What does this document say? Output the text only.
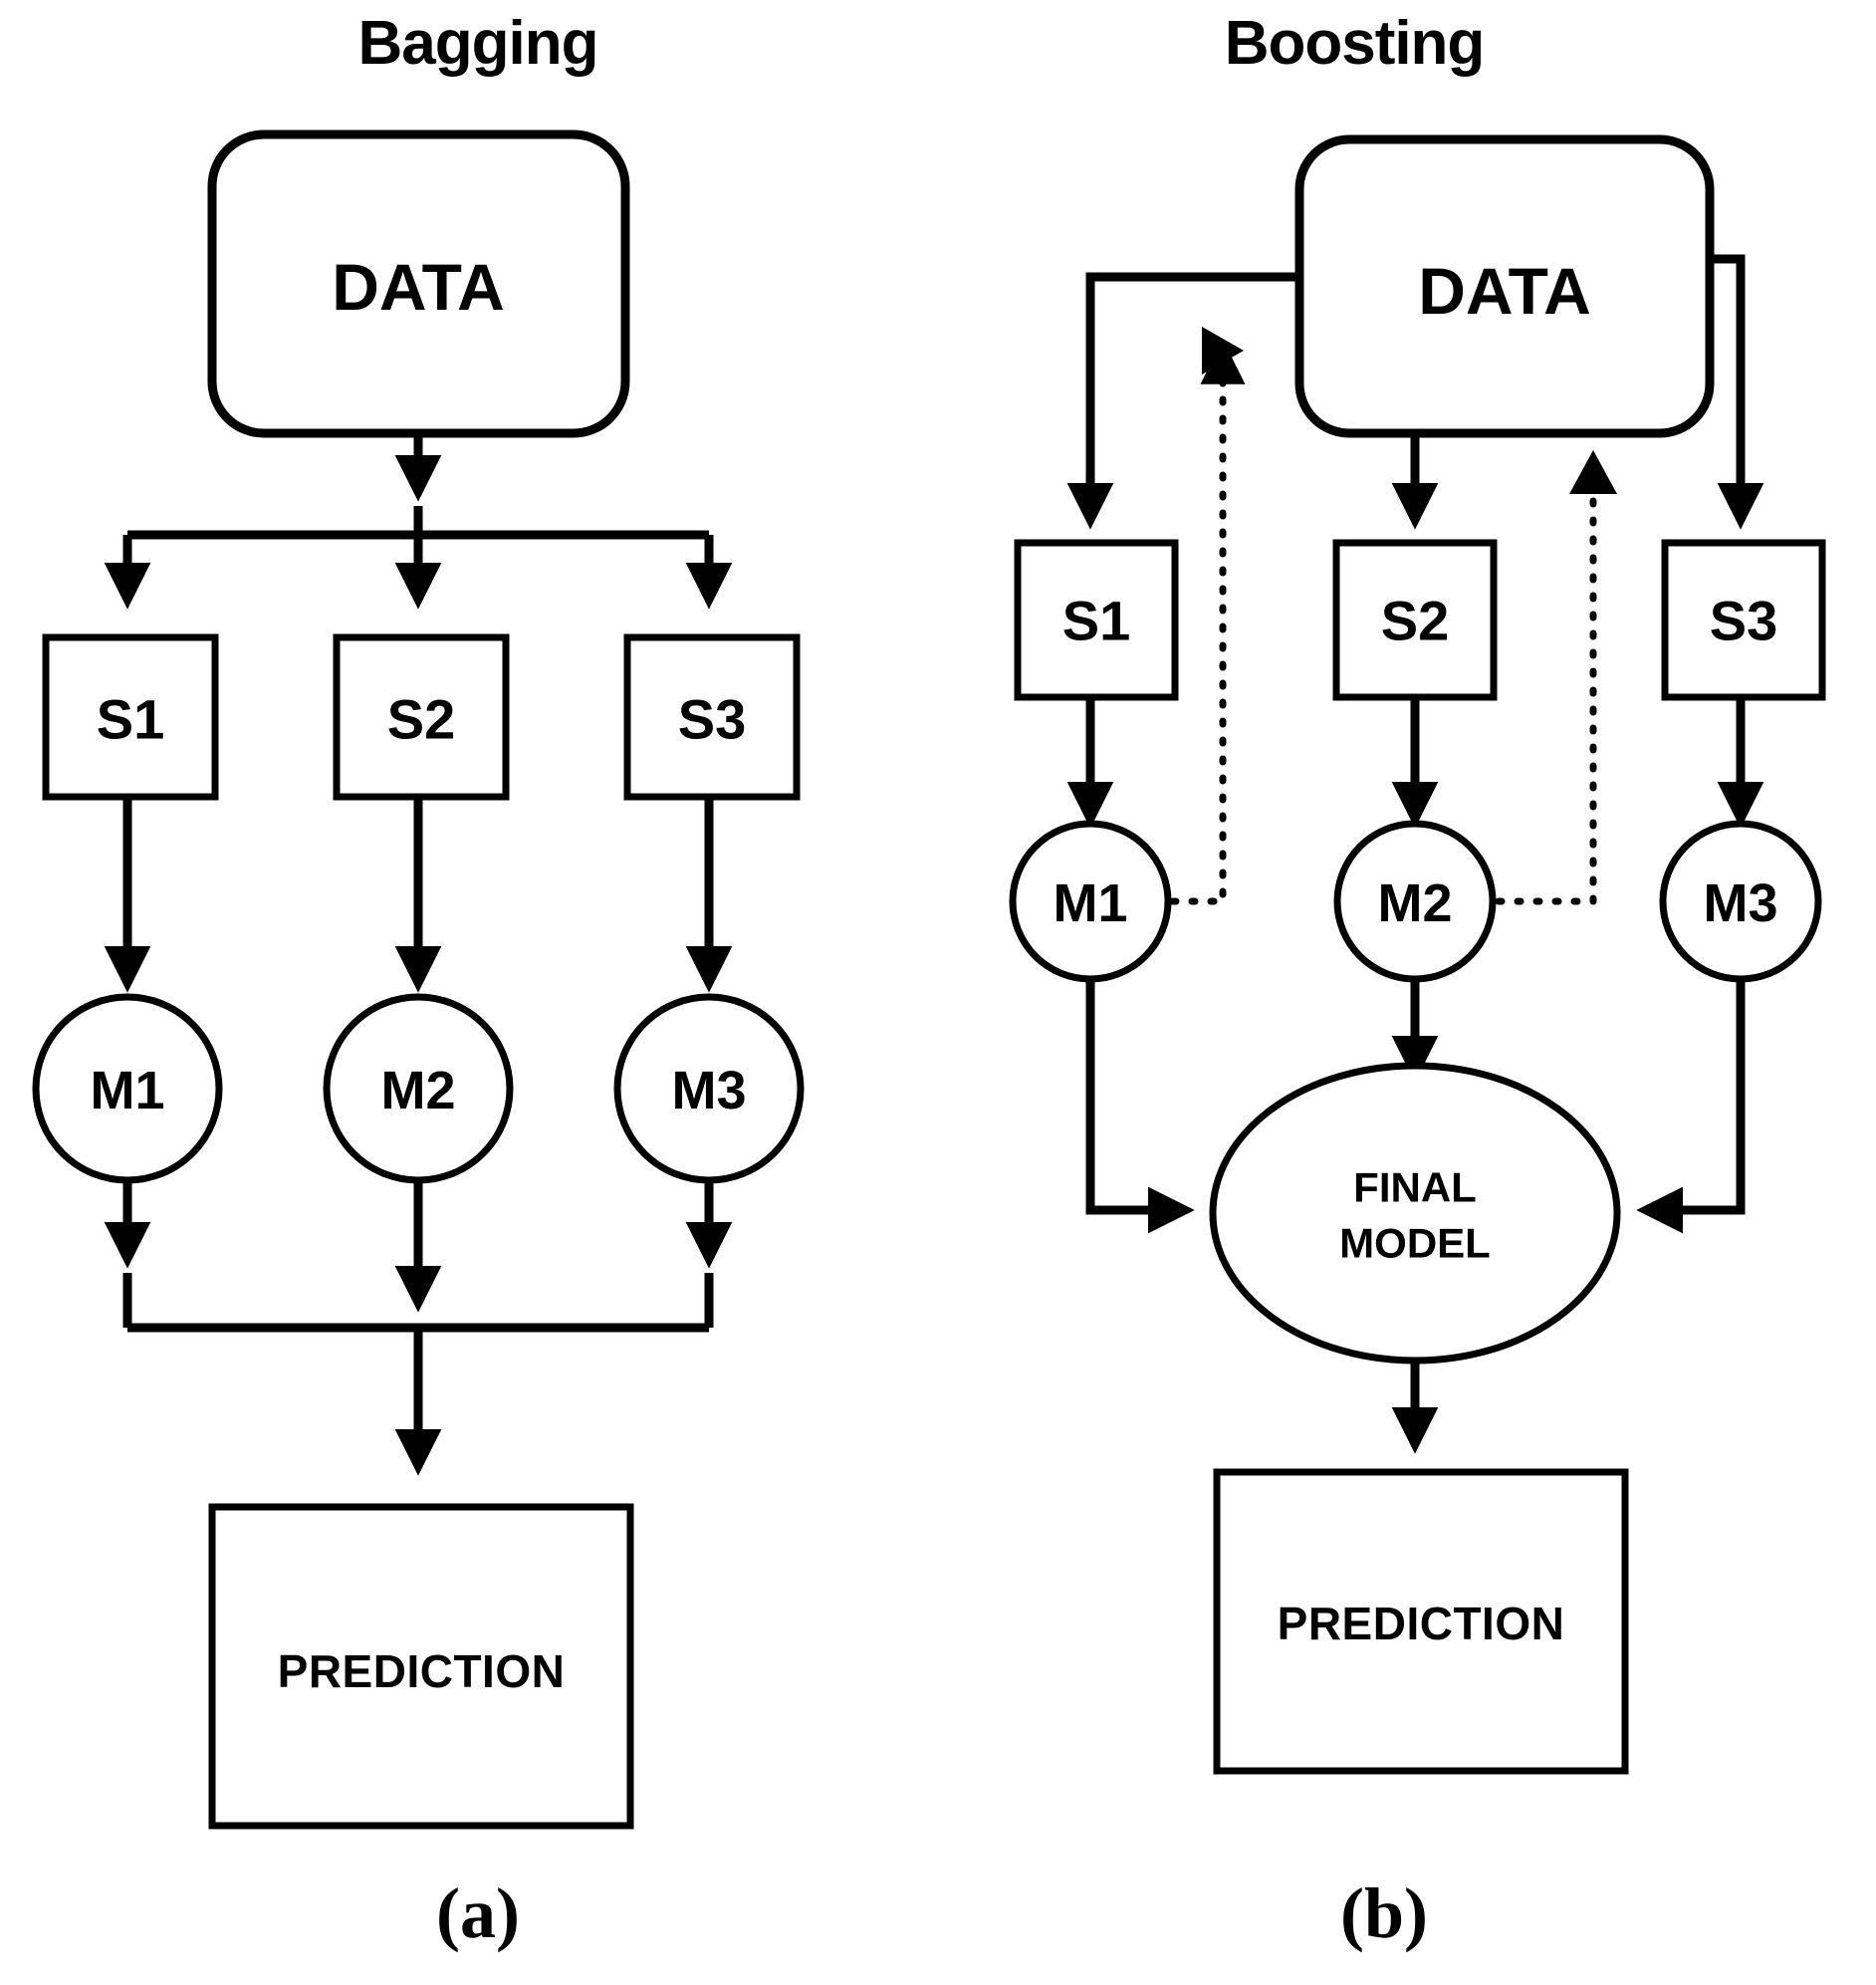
Bagging	Boosting
DATA
S1	S2	S3
M1	M2	M3
PREDICTION
DATA
S1	S2	S3
M1	M2	M3
FINAL
MODEL
PREDICTION
(a)	(b)
